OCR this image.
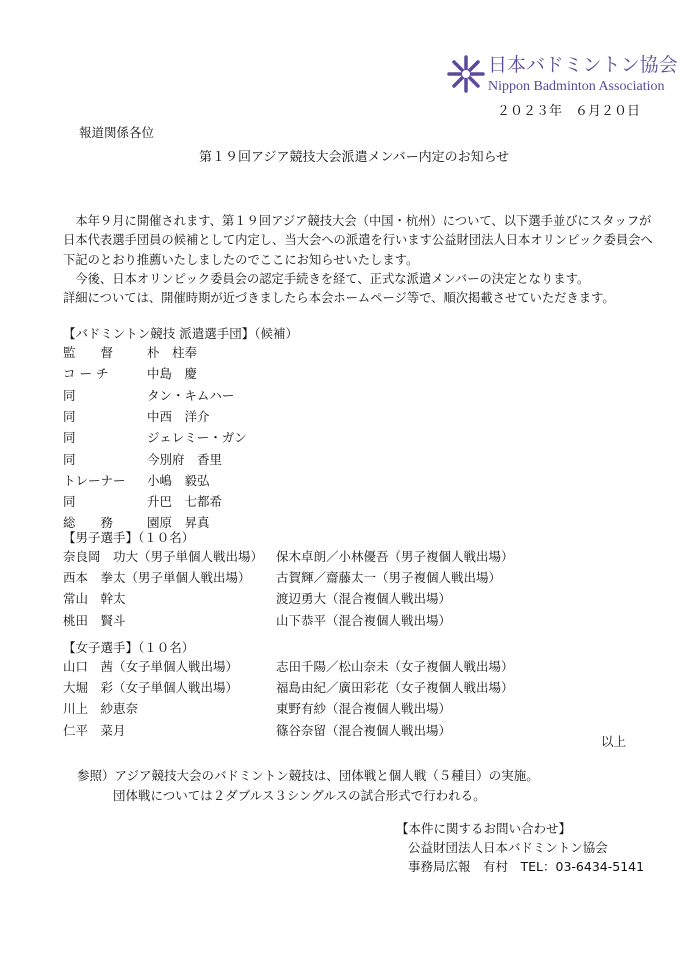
日本バドミントン協会
Nippon Badminton Association
２０２３年　６月２０日
報道関係各位
第１９回アジア競技大会派遣メンバー内定のお知らせ
　本年９月に開催されます、第１９回アジア競技大会（中国・杭州）について、以下選手並びにスタッフが
日本代表選手団員の候補として内定し、当大会への派遣を行います公益財団法人日本オリンピック委員会へ
下記のとおり推薦いたしましたのでここにお知らせいたします。
　今後、日本オリンピック委員会の認定手続きを経て、正式な派遣メンバーの決定となります。
詳細については、開催時期が近づきましたら本会ホームページ等で、順次掲載させていただきます。
【バドミントン競技 派遣選手団】（候補）
監　　督	朴　柱奉
コ ー チ	中島　慶
同	タン・キムハー
同	中西　洋介
同	ジェレミー・ガン
同	今別府　香里
トレーナー	小嶋　毅弘
同	升巴　七都希
総　　務	園原　昇真
【男子選手】（１０名）
奈良岡　功大（男子単個人戦出場） 保木卓朗／小林優吾（男子複個人戦出場）
西本　拳太（男子単個人戦出場） 古賀輝／齋藤太一（男子複個人戦出場）
常山　幹太	渡辺勇大（混合複個人戦出場）
桃田　賢斗	山下恭平（混合複個人戦出場）
【女子選手】（１０名）
山口　茜（女子単個人戦出場）	志田千陽／松山奈未（女子複個人戦出場）
大堀　彩（女子単個人戦出場）	福島由紀／廣田彩花（女子複個人戦出場）
川上　紗恵奈	東野有紗（混合複個人戦出場）
仁平　菜月	篠谷奈留（混合複個人戦出場）
以上
参照）アジア競技大会のバドミントン競技は、団体戦と個人戦（５種目）の実施。
団体戦については２ダブルス３シングルスの試合形式で行われる。
【本件に関するお問い合わせ】
公益財団法人日本バドミントン協会
事務局広報　有村　TEL：03-6434-5141
